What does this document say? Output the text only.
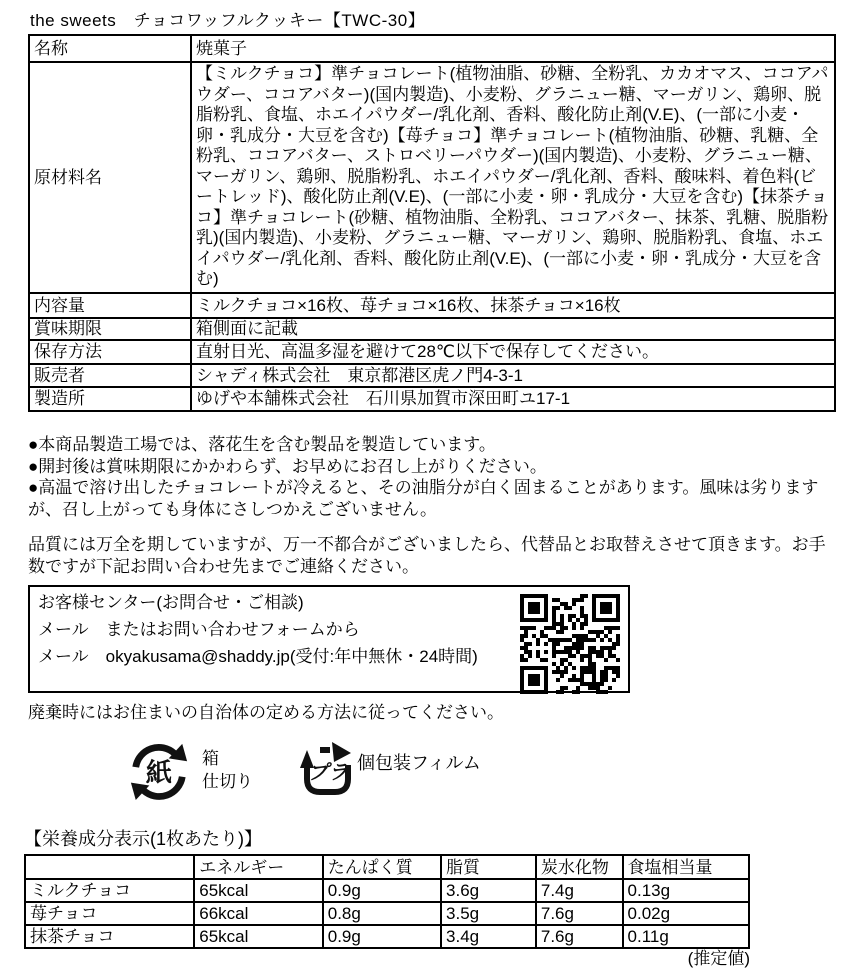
the sweets　チョコワッフルクッキー【TWC-30】
名称	焼菓子
原材料名	【ミルクチョコ】準チョコレート(植物油脂、砂糖、全粉乳、カカオマス、ココアパウダー、ココアバター)(国内製造)、小麦粉、グラニュー糖、マーガリン、鶏卵、脱脂粉乳、食塩、ホエイパウダー/乳化剤、香料、酸化防止剤(V.E)、(一部に小麦・卵・乳成分・大豆を含む)【苺チョコ】準チョコレート(植物油脂、砂糖、乳糖、全粉乳、ココアバター、ストロベリーパウダー)(国内製造)、小麦粉、グラニュー糖、マーガリン、鶏卵、脱脂粉乳、ホエイパウダー/乳化剤、香料、酸味料、着色料(ビートレッド)、酸化防止剤(V.E)、(一部に小麦・卵・乳成分・大豆を含む)【抹茶チョコ】準チョコレート(砂糖、植物油脂、全粉乳、ココアバター、抹茶、乳糖、脱脂粉乳)(国内製造)、小麦粉、グラニュー糖、マーガリン、鶏卵、脱脂粉乳、食塩、ホエイパウダー/乳化剤、香料、酸化防止剤(V.E)、(一部に小麦・卵・乳成分・大豆を含む)

内容量	ミルクチョコ×16枚、苺チョコ×16枚、抹茶チョコ×16枚
賞味期限	箱側面に記載
保存方法	直射日光、高温多湿を避けて28℃以下で保存してください。
販売者	シャディ株式会社　東京都港区虎ノ門4-3-1
製造所	ゆげや本舗株式会社　石川県加賀市深田町ユ17-1
●本商品製造工場では、落花生を含む製品を製造しています。
●開封後は賞味期限にかかわらず、お早めにお召し上がりください。
●高温で溶け出したチョコレートが冷えると、その油脂分が白く固まることがあります。風味は劣りますが、召し上がっても身体にさしつかえございません。
品質には万全を期していますが、万一不都合がございましたら、代替品とお取替えさせて頂きます。お手数ですが下記お問い合わせ先までご連絡ください。
お客様センター(お問合せ・ご相談)
メール　またはお問い合わせフォームから
メール　okyakusama@shaddy.jp(受付:年中無休・24時間)
廃棄時にはお住まいの自治体の定める方法に従ってください。
紙 箱
仕切り	プラ 個包装フィルム
【栄養成分表示(1枚あたり)】
	エネルギー	たんぱく質	脂質	炭水化物	食塩相当量
ミルクチョコ	65kcal	0.9g	3.6g	7.4g	0.13g
苺チョコ	66kcal	0.8g	3.5g	7.6g	0.02g
抹茶チョコ	65kcal	0.9g	3.4g	7.6g	0.11g
(推定値)
